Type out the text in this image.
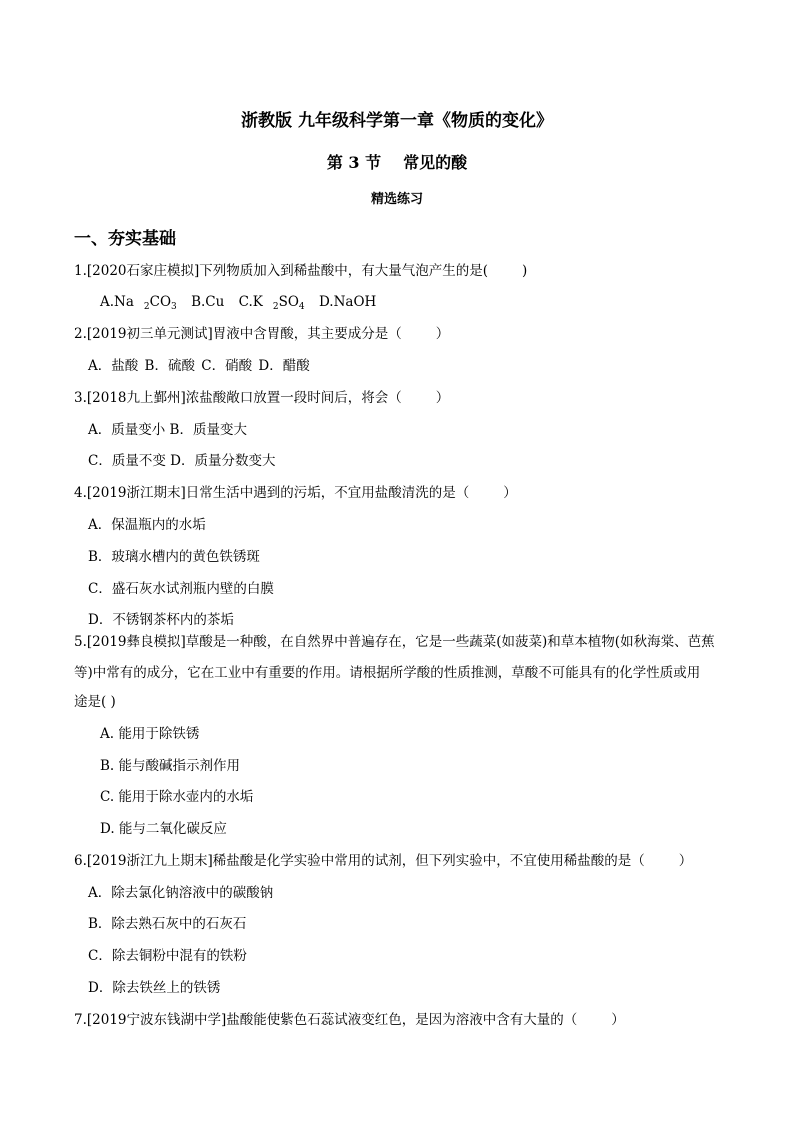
浙教版 九年级科学第一章《物质的变化》
第 3 节 常见的酸
精选练习
一、夯实基础
1.[2020石家庄模拟]下列物质加入到稀盐酸中，有大量气泡产生的是(	)
A.Na $_2CO_3$ B.Cu C.K $_2SO_4$ D.NaOH
2.[2019初三单元测试]胃液中含胃酸，其主要成分是（	）
A．盐酸 B．硫酸 C．硝酸 D．醋酸
3.[2018九上鄞州]浓盐酸敞口放置一段时间后，将会（	）
A．质量变小 B．质量变大
C．质量不变 D．质量分数变大
4.[2019浙江期末]日常生活中遇到的污垢，不宜用盐酸清洗的是（	）
A．保温瓶内的水垢
B．玻璃水槽内的黄色铁锈斑
C．盛石灰水试剂瓶内壁的白膜
D．不锈钢茶杯内的茶垢
5.[2019彝良模拟]草酸是一种酸，在自然界中普遍存在，它是一些蔬菜(如菠菜)和草本植物(如秋海棠、芭蕉
等)中常有的成分，它在工业中有重要的作用。请根据所学酸的性质推测，草酸不可能具有的化学性质或用
途是( )
A. 能用于除铁锈
B. 能与酸碱指示剂作用
C. 能用于除水壶内的水垢
D. 能与二氧化碳反应
6.[2019浙江九上期末]稀盐酸是化学实验中常用的试剂，但下列实验中，不宜使用稀盐酸的是（	）
A．除去氯化钠溶液中的碳酸钠
B．除去熟石灰中的石灰石
C．除去铜粉中混有的铁粉
D．除去铁丝上的铁锈
7.[2019宁波东钱湖中学]盐酸能使紫色石蕊试液变红色，是因为溶液中含有大量的（	）
